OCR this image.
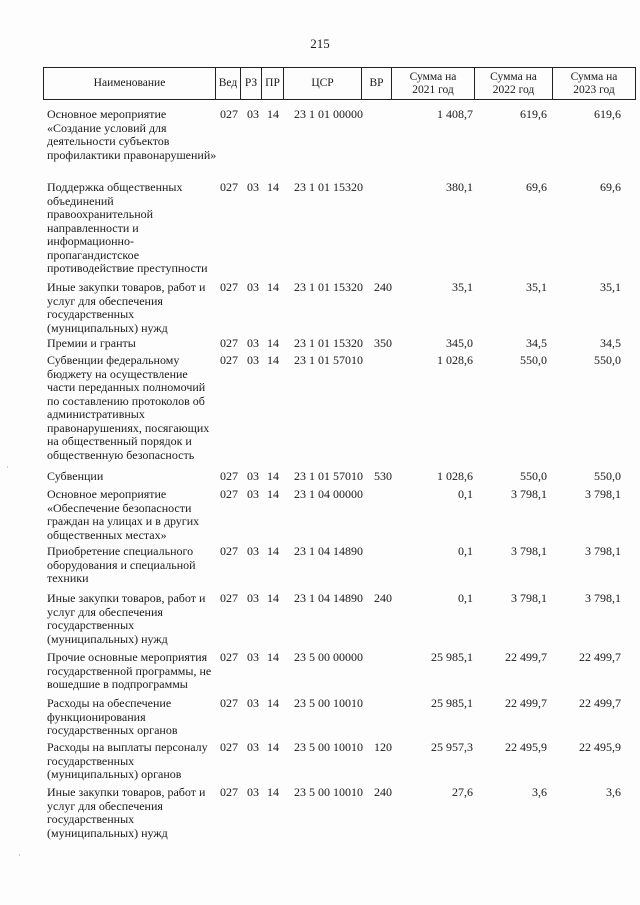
215
Наименование	Вед РЗ ПР	ЦСР	ВР
Сумма на 2021 год
Сумма на 2022 год
Сумма на 2023 год
Основное мероприятие «Создание условий для деятельности субъектов профилактики правонарушений»
027 03 14 23 1 01 00000	1 408,7	619,6	619,6
Поддержка общественных объединений правоохранительной направленности и информационно-пропагандистское противодействие преступности
027 03 14 23 1 01 15320	380,1	69,6	69,6
Иные закупки товаров, работ и услуг для обеспечения государственных (муниципальных) нужд
027 03 14 23 1 01 15320 240	35,1	35,1	35,1
Премии и гранты	027 03 14 23 1 01 15320 350	345,0	34,5	34,5
Субвенции федеральному бюджету на осуществление части переданных полномочий по составлению протоколов об административных правонарушениях, посягающих на общественный порядок и общественную безопасность
027 03 14 23 1 01 57010	1 028,6	550,0	550,0
Субвенции	027 03 14 23 1 01 57010 530	1 028,6	550,0	550,0
Основное мероприятие «Обеспечение безопасности граждан на улицах и в других общественных местах»
027 03 14 23 1 04 00000	0,1	3 798,1	3 798,1
Приобретение специального оборудования и специальной техники
027 03 14 23 1 04 14890	0,1	3 798,1	3 798,1
Иные закупки товаров, работ и услуг для обеспечения государственных (муниципальных) нужд
027 03 14 23 1 04 14890 240	0,1	3 798,1	3 798,1
Прочие основные мероприятия государственной программы, не вошедшие в подпрограммы
027 03 14 23 5 00 00000	25 985,1	22 499,7	22 499,7
Расходы на обеспечение функционирования государственных органов
027 03 14 23 5 00 10010	25 985,1	22 499,7	22 499,7
Расходы на выплаты персоналу государственных (муниципальных) органов
027 03 14 23 5 00 10010 120	25 957,3	22 495,9	22 495,9
Иные закупки товаров, работ и услуг для обеспечения государственных (муниципальных) нужд
027 03 14 23 5 00 10010 240	27,6	3,6	3,6
·
·
